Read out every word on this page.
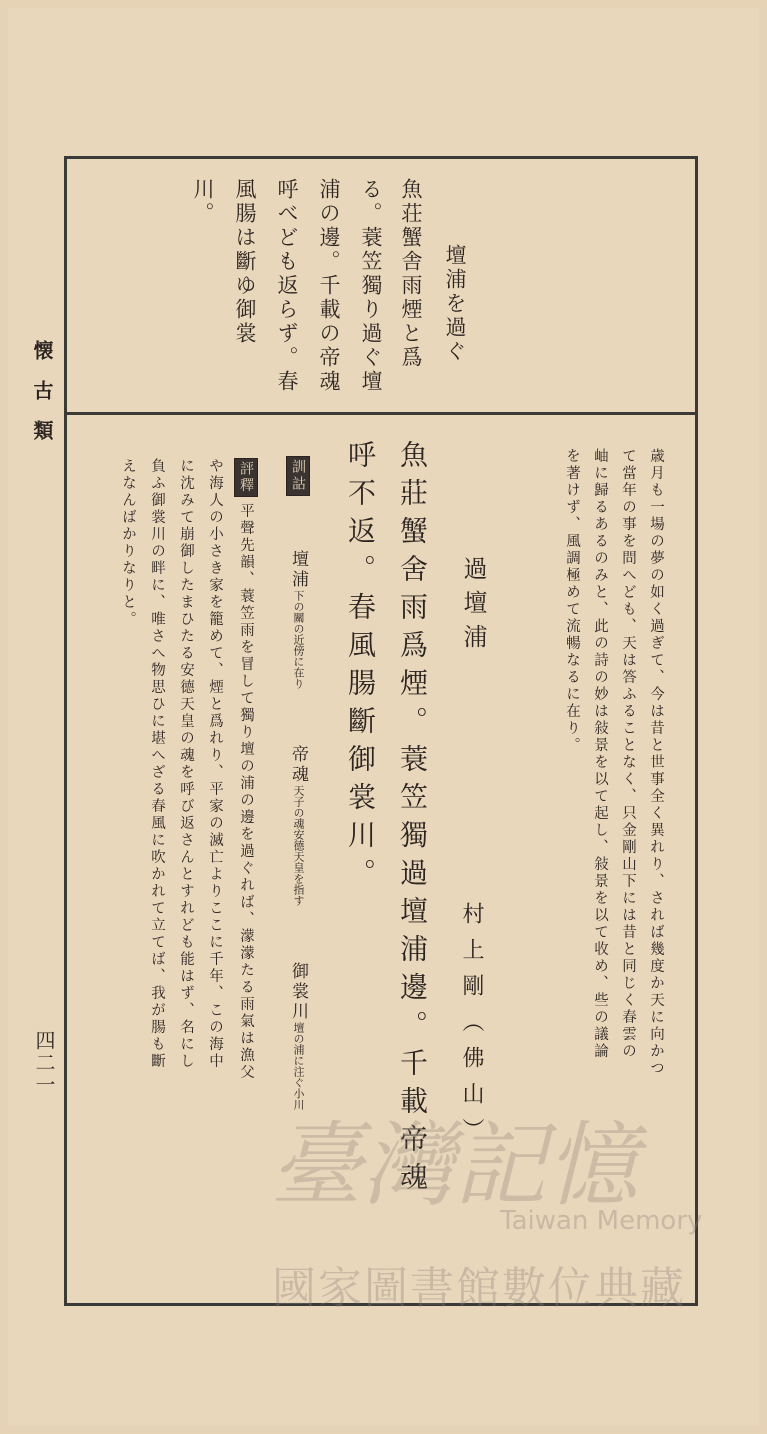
懐古類
四二一
壇浦を過ぐ
魚荘蟹舎雨煙と爲
る。蓑笠獨り過ぐ壇
浦の邊。千載の帝魂
呼べども返らず。春
風腸は斷ゆ御裳
川。
歳月も一場の夢の如く過ぎて、今は昔と世事全く異れり、されば幾度か天に向かつ
て當年の事を問へども、天は答ふることなく、只金剛山下には昔と同じく春雲の
岫に歸るあるのみと、此の詩の妙は敍景を以て起し、敍景を以て收め、些の議論
を著けず、風調極めて流暢なるに在り。
過壇浦
村上剛（佛山）
魚莊蟹舍雨爲煙。蓑笠獨過壇浦邊。千載帝魂
呼不返。春風腸斷御裳川。
訓詁  壇浦下の關の近傍に在り  帝魂天子の魂安德天皇を指す  御裳川壇の浦に注ぐ小川
評釋平聲先韻、蓑笠雨を冒して獨り壇の浦の邊を過ぐれば、濛濛たる雨氣は漁父
や海人の小さき家を籠めて、煙と爲れり、平家の滅亡よりここに千年、この海中
に沈みて崩御したまひたる安德天皇の魂を呼び返さんとすれども能はず、名にし
負ふ御裳川の畔に、唯さへ物思ひに堪へざる春風に吹かれて立てば、我が腸も斷
えなんばかりなりと。
臺灣記憶
Taiwan Memory
國家圖書館數位典藏
